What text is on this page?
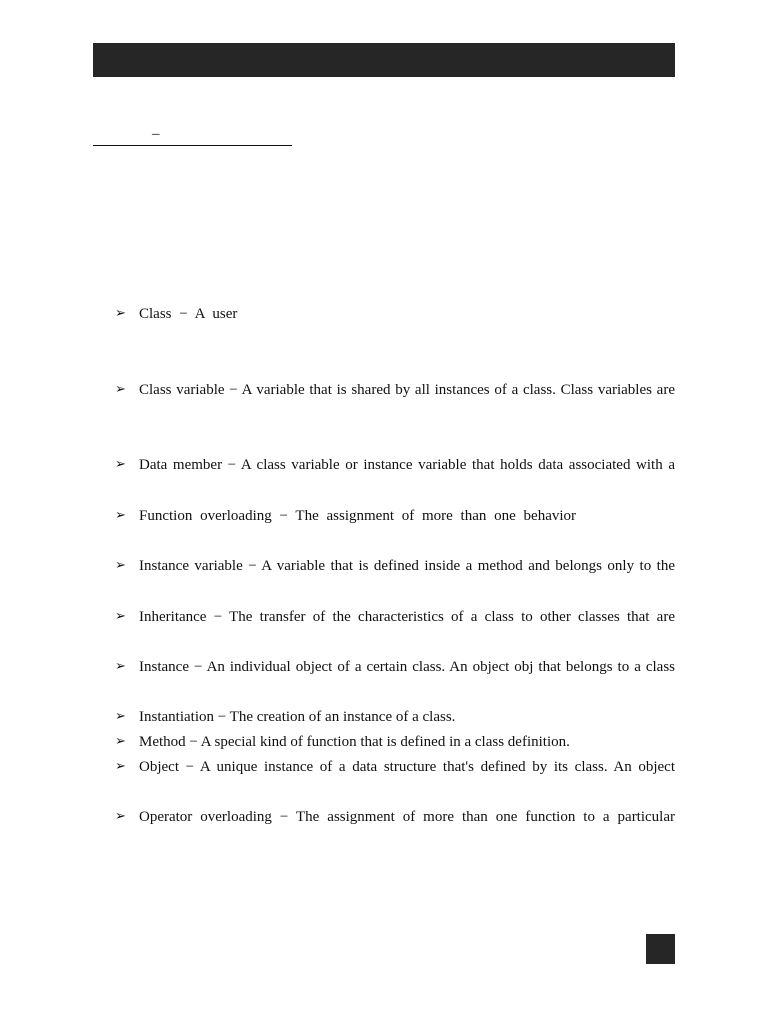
–
➢ Class − A user
➢ Class variable − A variable that is shared by all instances of a class. Class variables are
➢ Data member − A class variable or instance variable that holds data associated with a
➢ Function overloading − The assignment of more than one behavior
➢ Instance variable − A variable that is defined inside a method and belongs only to the
➢ Inheritance − The transfer of the characteristics of a class to other classes that are
➢ Instance − An individual object of a certain class. An object obj that belongs to a class
➢ Instantiation − The creation of an instance of a class.
➢ Method − A special kind of function that is defined in a class definition.
➢ Object − A unique instance of a data structure that's defined by its class. An object
➢ Operator overloading − The assignment of more than one function to a particular
